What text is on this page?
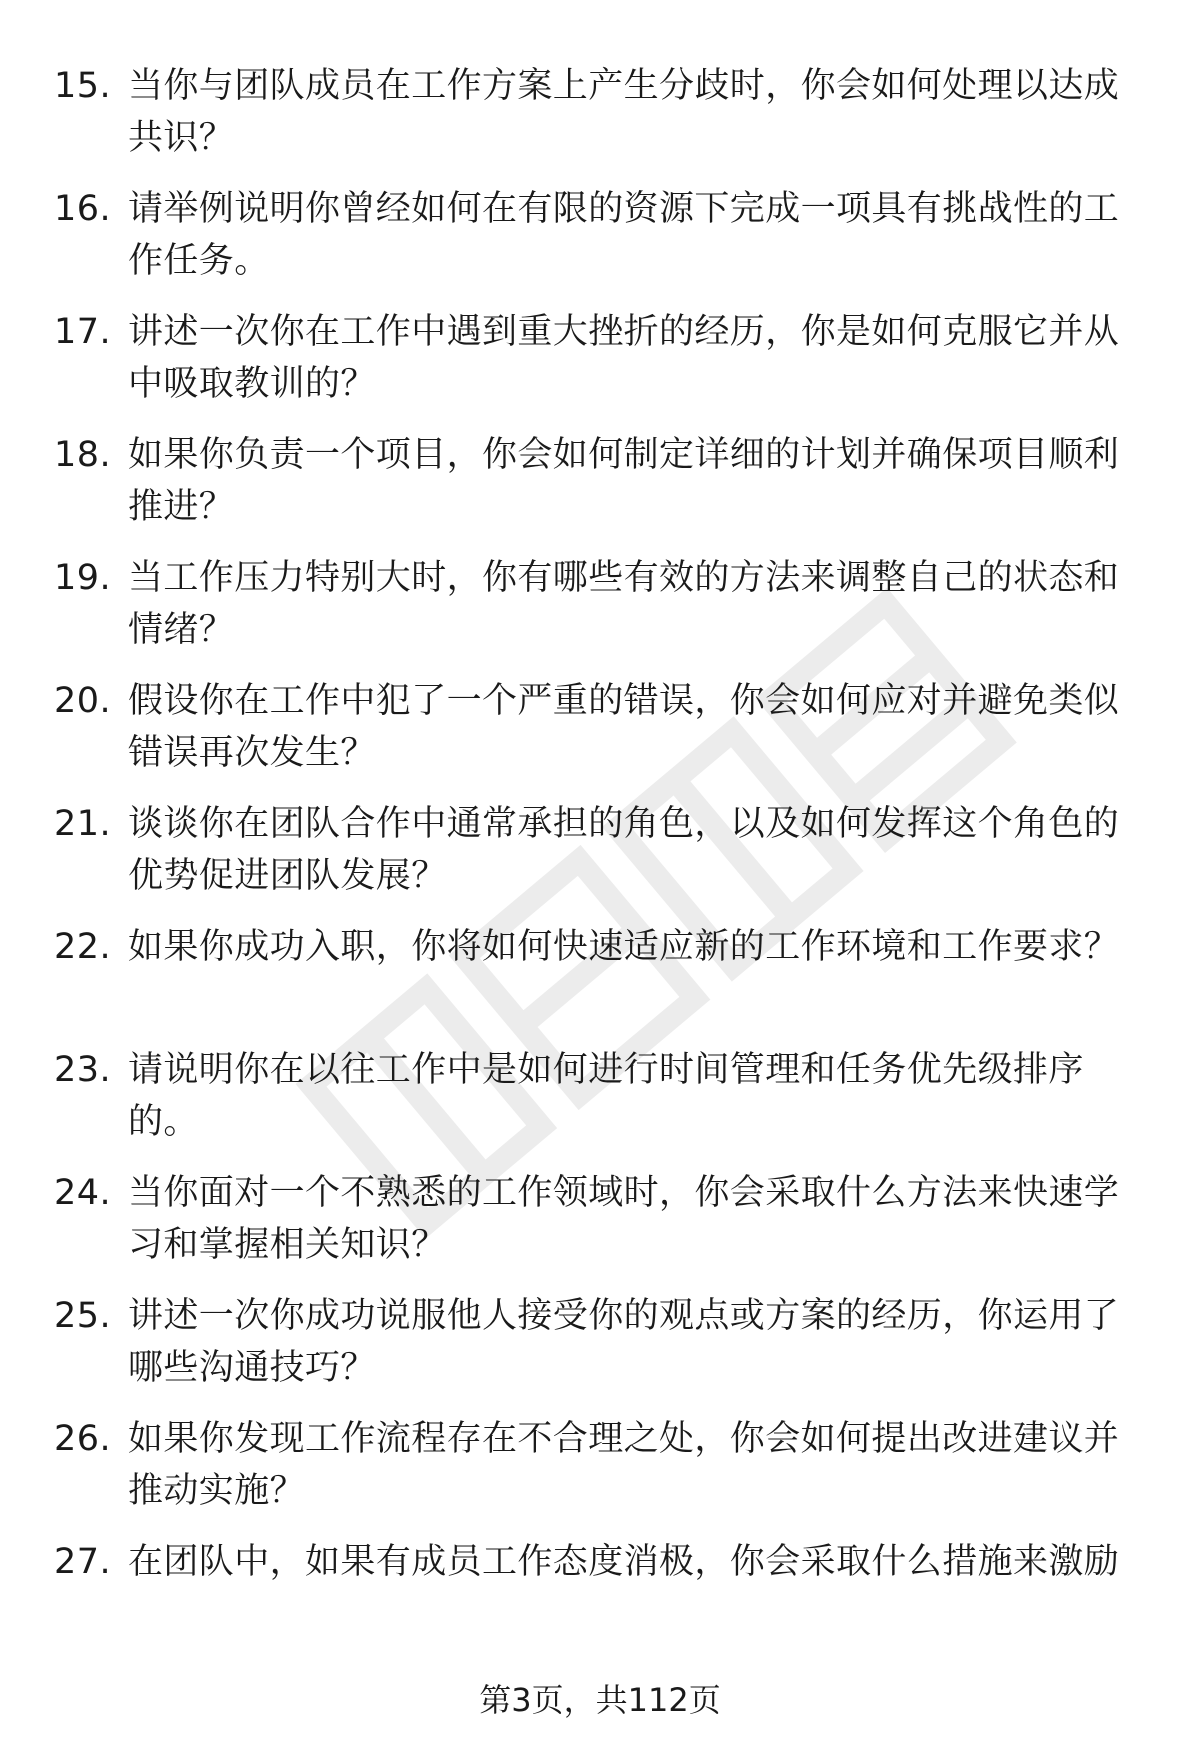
15. 当你与团队成员在工作方案上产生分歧时，你会如何处理以达成共识？
16. 请举例说明你曾经如何在有限的资源下完成一项具有挑战性的工作任务。
17. 讲述一次你在工作中遇到重大挫折的经历，你是如何克服它并从中吸取教训的？
18. 如果你负责一个项目，你会如何制定详细的计划并确保项目顺利推进？
19. 当工作压力特别大时，你有哪些有效的方法来调整自己的状态和情绪？
20. 假设你在工作中犯了一个严重的错误，你会如何应对并避免类似错误再次发生？
21. 谈谈你在团队合作中通常承担的角色，以及如何发挥这个角色的优势促进团队发展？
22. 如果你成功入职，你将如何快速适应新的工作环境和工作要求？
23. 请说明你在以往工作中是如何进行时间管理和任务优先级排序的。
24. 当你面对一个不熟悉的工作领域时，你会采取什么方法来快速学习和掌握相关知识？
25. 讲述一次你成功说服他人接受你的观点或方案的经历，你运用了哪些沟通技巧？
26. 如果你发现工作流程存在不合理之处，你会如何提出改进建议并推动实施？
27. 在团队中，如果有成员工作态度消极，你会采取什么措施来激励
第3页，共112页
